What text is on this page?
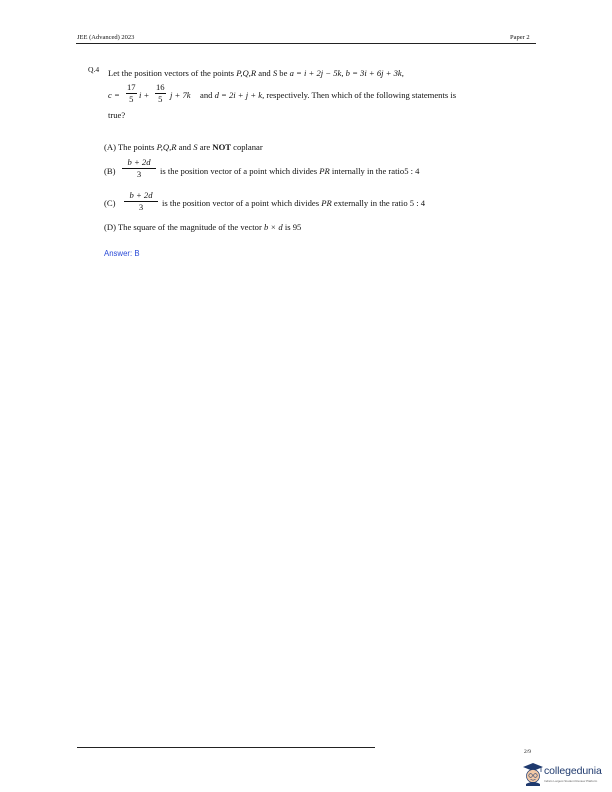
JEE (Advanced) 2023	Paper 2
Q.4 Let the position vectors of the points P,Q,R and S be a = i + 2j − 5k, b = 3i + 6j + 3k,
c =
17
5 i +
16
5 j + 7k and d = 2i + j + k, respectively. Then which of the following statements is
true?
(A) The points P,Q,R and S are NOT coplanar
(B)
b + 2d
3	is the position vector of a point which divides PR internally in the ratio5 : 4
(C)
b + 2d
3	is the position vector of a point which divides PR externally in the ratio 5 : 4
(D) The square of the magnitude of the vector b × d is 95
Answer: B
2/9
collegedunia
India's Largest Student Review Platform
